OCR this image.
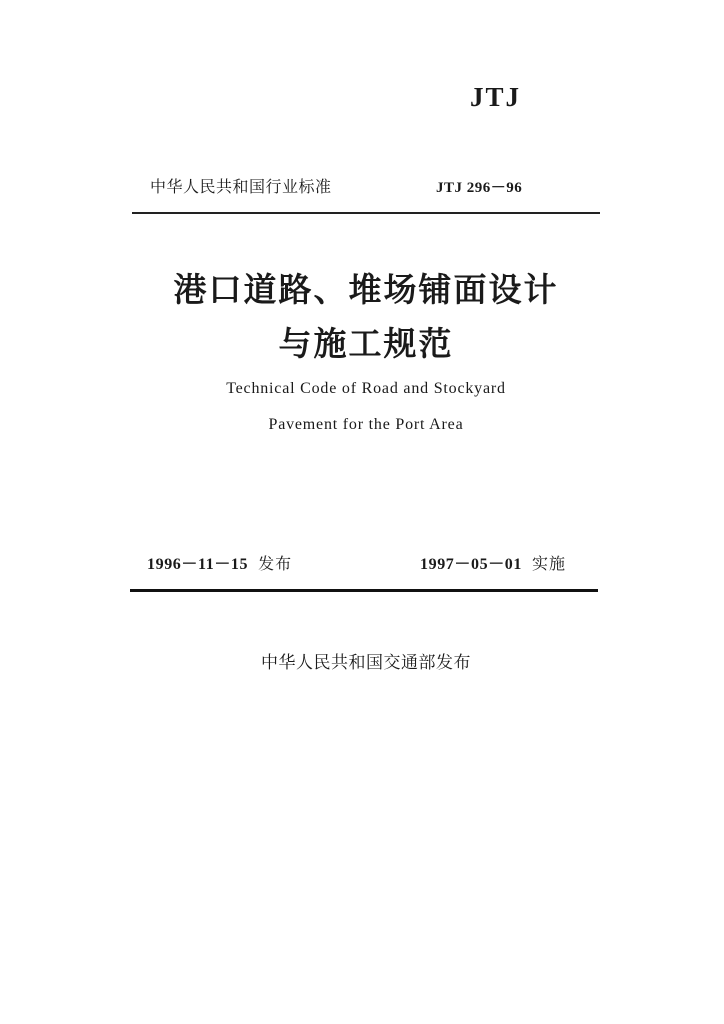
JTJ
中华人民共和国行业标准	JTJ 296－96
港口道路、堆场铺面设计
与施工规范
Technical Code of Road and Stockyard
Pavement for the Port Area
1996－11－15 发布	1997－05－01 实施
中华人民共和国交通部发布
